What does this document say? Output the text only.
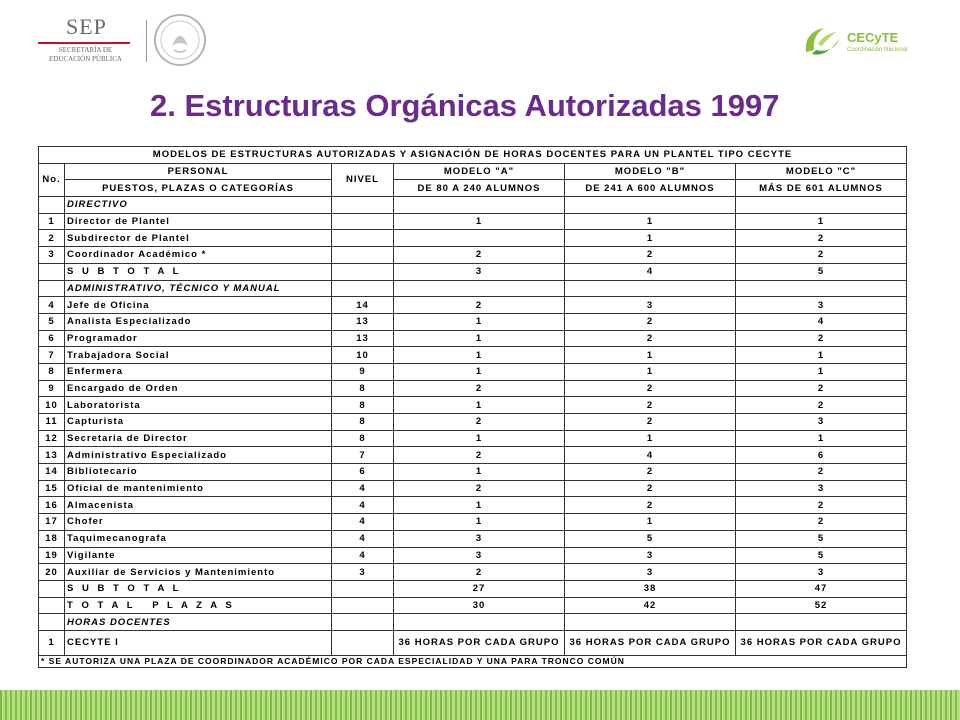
SEP
SECRETARÍA DE EDUCACIÓN PÚBLICA
CECyTE
Coordinación Nacional
2. Estructuras Orgánicas Autorizadas 1997
MODELOS DE ESTRUCTURAS AUTORIZADAS Y ASIGNACIÓN DE HORAS DOCENTES PARA UN PLANTEL TIPO CECYTE					
No.	PERSONAL	NIVEL	MODELO "A"	MODELO "B"	MODELO "C"
	PUESTOS, PLAZAS O CATEGORÍAS		DE 80 A 240 ALUMNOS	DE 241 A 600 ALUMNOS	MÁS DE 601 ALUMNOS
	DIRECTIVO				
1	Director de Plantel		1	1	1
2	Subdirector de Plantel			1	2
3	Coordinador Académico *		2	2	2
	S U B T O T A L		3	4	5
	ADMINISTRATIVO, TÉCNICO Y MANUAL				
4	Jefe de Oficina	14	2	3	3
5	Analista Especializado	13	1	2	4
6	Programador	13	1	2	2
7	Trabajadora Social	10	1	1	1
8	Enfermera	9	1	1	1
9	Encargado de Orden	8	2	2	2
10	Laboratorista	8	1	2	2
11	Capturista	8	2	2	3
12	Secretaria de Director	8	1	1	1
13	Administrativo Especializado	7	2	4	6
14	Bibliotecario	6	1	2	2
15	Oficial de mantenimiento	4	2	2	3
16	Almacenista	4	1	2	2
17	Chofer	4	1	1	2
18	Taquimecanografa	4	3	5	5
19	Vigilante	4	3	3	5
20	Auxiliar de Servicios y Mantenimiento	3	2	3	3
	S U B T O T A L		27	38	47
	T O T A L   P L A Z A S		30	42	52
	HORAS DOCENTES				
1	CECYTE I		36 HORAS POR CADA GRUPO	36 HORAS POR CADA GRUPO	36 HORAS POR CADA GRUPO
* SE AUTORIZA UNA PLAZA DE COORDINADOR ACADÉMICO POR CADA ESPECIALIDAD Y UNA PARA TRONCO COMÚN					
